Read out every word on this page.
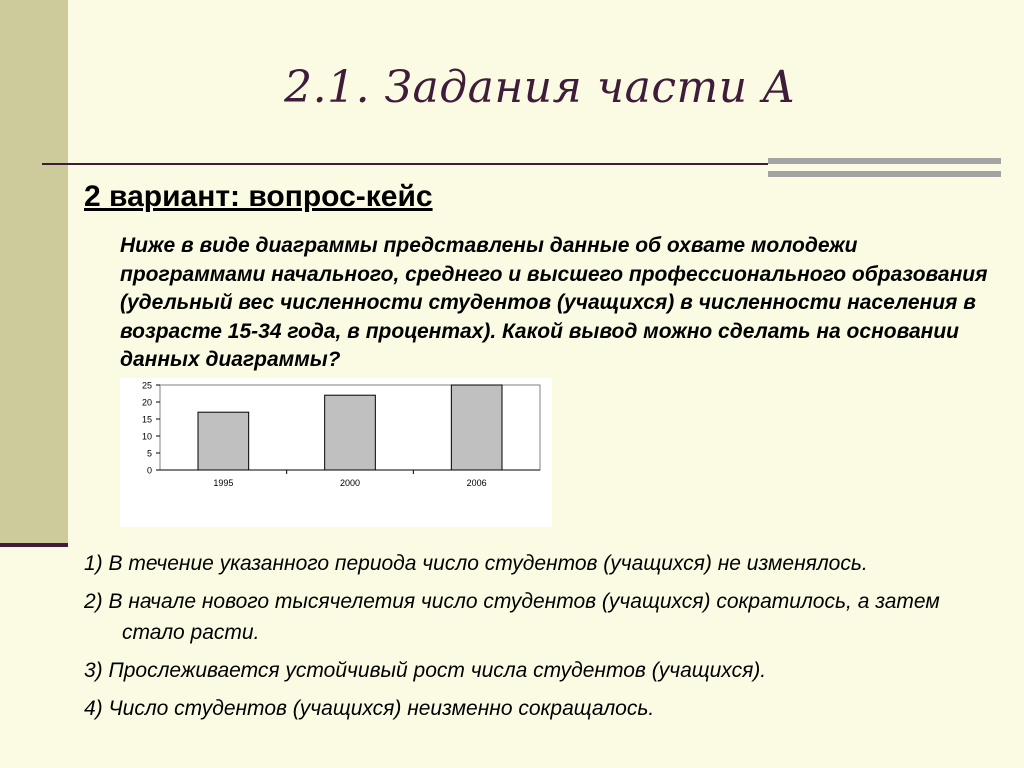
2.1. Задания части А
2 вариант: вопрос-кейс

Ниже в виде диаграммы представлены данные об охвате молодежи программами начального, среднего и высшего профессионального образования (удельный вес численности студентов (учащихся) в численности населения в возрасте 15-34 года, в процентах). Какой вывод можно сделать на основании данных диаграммы?

0
5
10
15
20
25
1995	2000	2006
1) В течение указанного периода число студентов (учащихся) не изменялось.
2) В начале нового тысячелетия число студентов (учащихся) сократилось, а затем стало расти.
3) Прослеживается устойчивый рост числа студентов (учащихся).
4) Число студентов (учащихся) неизменно сокращалось.
